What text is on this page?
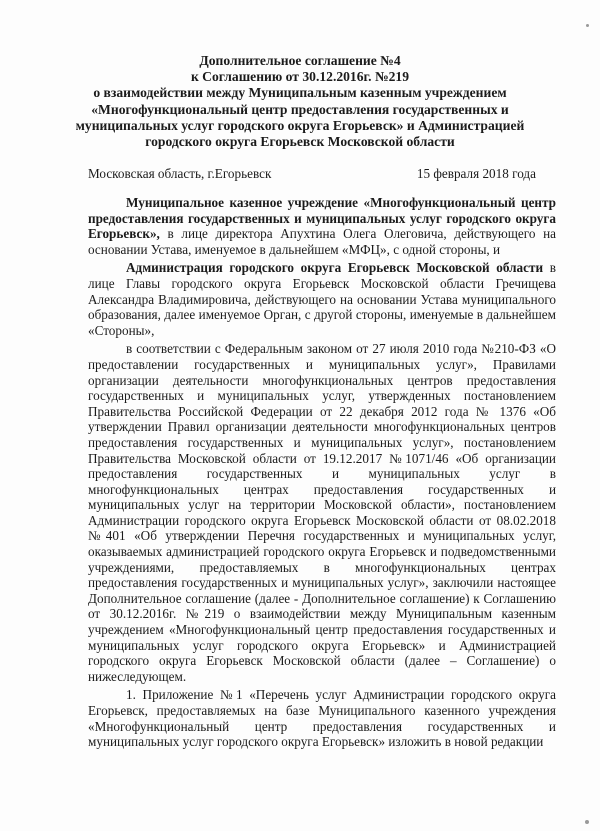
Дополнительное соглашение №4
к Соглашению от 30.12.2016г. №219
о взаимодействии между Муниципальным казенным учреждением
«Многофункциональный центр предоставления государственных и
муниципальных услуг городского округа Егорьевск» и Администрацией
городского округа Егорьевск Московской области
Московская область, г.Егорьевск	15 февраля 2018 года

Муниципальное казенное учреждение «Многофункциональный центр предоставления государственных и муниципальных услуг городского округа Егорьевск», в лице директора Апухтина Олега Олеговича, действующего на основании Устава, именуемое в дальнейшем «МФЦ», с одной стороны, и

Администрация городского округа Егорьевск Московской области в лице Главы городского округа Егорьевск Московской области Гречищева Александра Владимировича, действующего на основании Устава муниципального образования, далее именуемое Орган, с другой стороны, именуемые в дальнейшем «Стороны»,

в соответствии с Федеральным законом от 27 июля 2010 года №210-ФЗ «О предоставлении государственных и муниципальных услуг», Правилами организации деятельности многофункциональных центров предоставления государственных и муниципальных услуг, утвержденных постановлением Правительства Российской Федерации от 22 декабря 2012 года № 1376 «Об утверждении Правил организации деятельности многофункциональных центров предоставления государственных и муниципальных услуг», постановлением Правительства Московской области от 19.12.2017 №1071/46 «Об организации предоставления государственных и муниципальных услуг в многофункциональных центрах предоставления государственных и муниципальных услуг на территории Московской области», постановлением Администрации городского округа Егорьевск Московской области от 08.02.2018 №401 «Об утверждении Перечня государственных и муниципальных услуг, оказываемых администрацией городского округа Егорьевск и подведомственными учреждениями, предоставляемых в многофункциональных центрах предоставления государственных и муниципальных услуг», заключили настоящее Дополнительное соглашение (далее - Дополнительное соглашение) к Соглашению от 30.12.2016г. №219 о взаимодействии между Муниципальным казенным учреждением «Многофункциональный центр предоставления государственных и муниципальных услуг городского округа Егорьевск» и Администрацией городского округа Егорьевск Московской области (далее – Соглашение) о нижеследующем.

1. Приложение №1 «Перечень услуг Администрации городского округа Егорьевск, предоставляемых на базе Муниципального казенного учреждения «Многофункциональный центр предоставления государственных и муниципальных услуг городского округа Егорьевск» изложить в новой редакции
